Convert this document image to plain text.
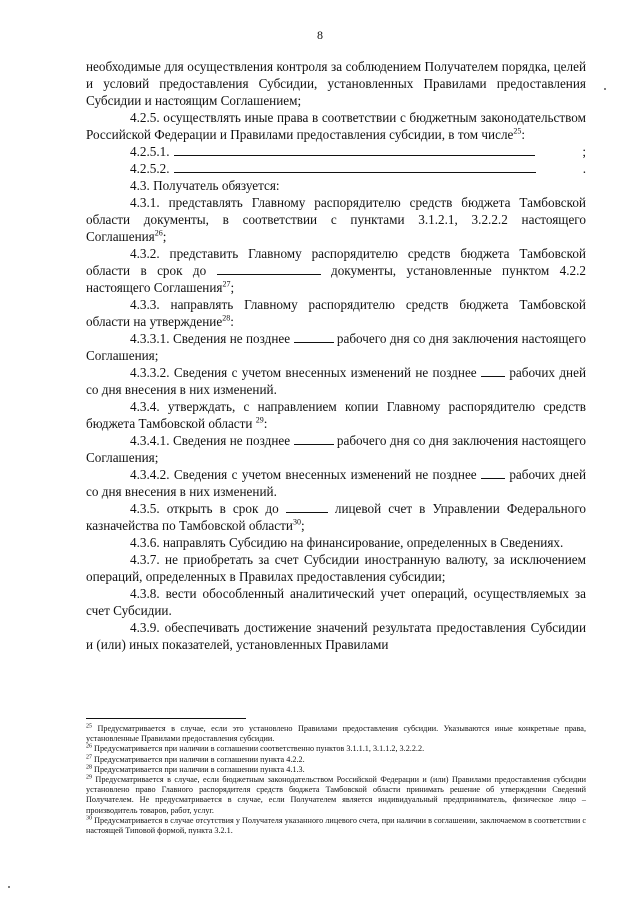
8

необходимые для осуществления контроля за соблюдением Получателем порядка, целей и условий предоставления Субсидии, установленных Правилами предоставления Субсидии и настоящим Соглашением;

4.2.5. осуществлять иные права в соответствии с бюджетным законодательством Российской Федерации и Правилами предоставления субсидии, в том числе$^{25}$:

4.2.5.1.	;

4.2.5.2.	.

4.3. Получатель обязуется:

4.3.1. представлять Главному распорядителю средств бюджета Тамбовской области документы, в соответствии с пунктами 3.1.2.1, 3.2.2.2 настоящего Соглашения$^{26}$;

4.3.2. представить Главному распорядителю средств бюджета Тамбовской области в срок до	документы, установленные пунктом 4.2.2 настоящего Соглашения$^{27}$;

4.3.3. направлять Главному распорядителю средств бюджета Тамбовской области на утверждение$^{28}$:

4.3.3.1. Сведения не позднее	рабочего дня со дня заключения настоящего Соглашения;

4.3.3.2. Сведения с учетом внесенных изменений не позднее рабочих дней со дня внесения в них изменений.

4.3.4. утверждать, с направлением копии Главному распорядителю средств бюджета Тамбовской области $^{29}$:

4.3.4.1. Сведения не позднее	рабочего дня со дня заключения настоящего Соглашения;

4.3.4.2. Сведения с учетом внесенных изменений не позднее рабочих дней со дня внесения в них изменений.

4.3.5. открыть в срок до	лицевой счет в Управлении Федерального казначейства по Тамбовской области$^{30}$;

4.3.6. направлять Субсидию на финансирование, определенных в Сведениях.

4.3.7. не приобретать за счет Субсидии иностранную валюту, за исключением операций, определенных в Правилах предоставления субсидии;

4.3.8. вести обособленный аналитический учет операций, осуществляемых за счет Субсидии.

4.3.9. обеспечивать достижение значений результата предоставления Субсидии и (или) иных показателей, установленных Правилами

$^{25}$ Предусматривается в случае, если это установлено Правилами предоставления субсидии. Указываются иные конкретные права, установленные Правилами предоставления субсидии.

$^{26}$ Предусматривается при наличии в соглашении соответственно пунктов 3.1.1.1, 3.1.1.2, 3.2.2.2.

$^{27}$ Предусматривается при наличии в соглашении пункта 4.2.2.

$^{28}$ Предусматривается при наличии в соглашении пункта 4.1.3.

$^{29}$ Предусматривается в случае, если бюджетным законодательством Российской Федерации и (или) Правилами предоставления субсидии установлено право Главного распорядителя средств бюджета Тамбовской области принимать решение об утверждении Сведений Получателем. Не предусматривается в случае, если Получателем является индивидуальный предприниматель, физическое лицо – производитель товаров, работ, услуг.

$^{30}$ Предусматривается в случае отсутствия у Получателя указанного лицевого счета, при наличии в соглашении, заключаемом в соответствии с настоящей Типовой формой, пункта 3.2.1.
